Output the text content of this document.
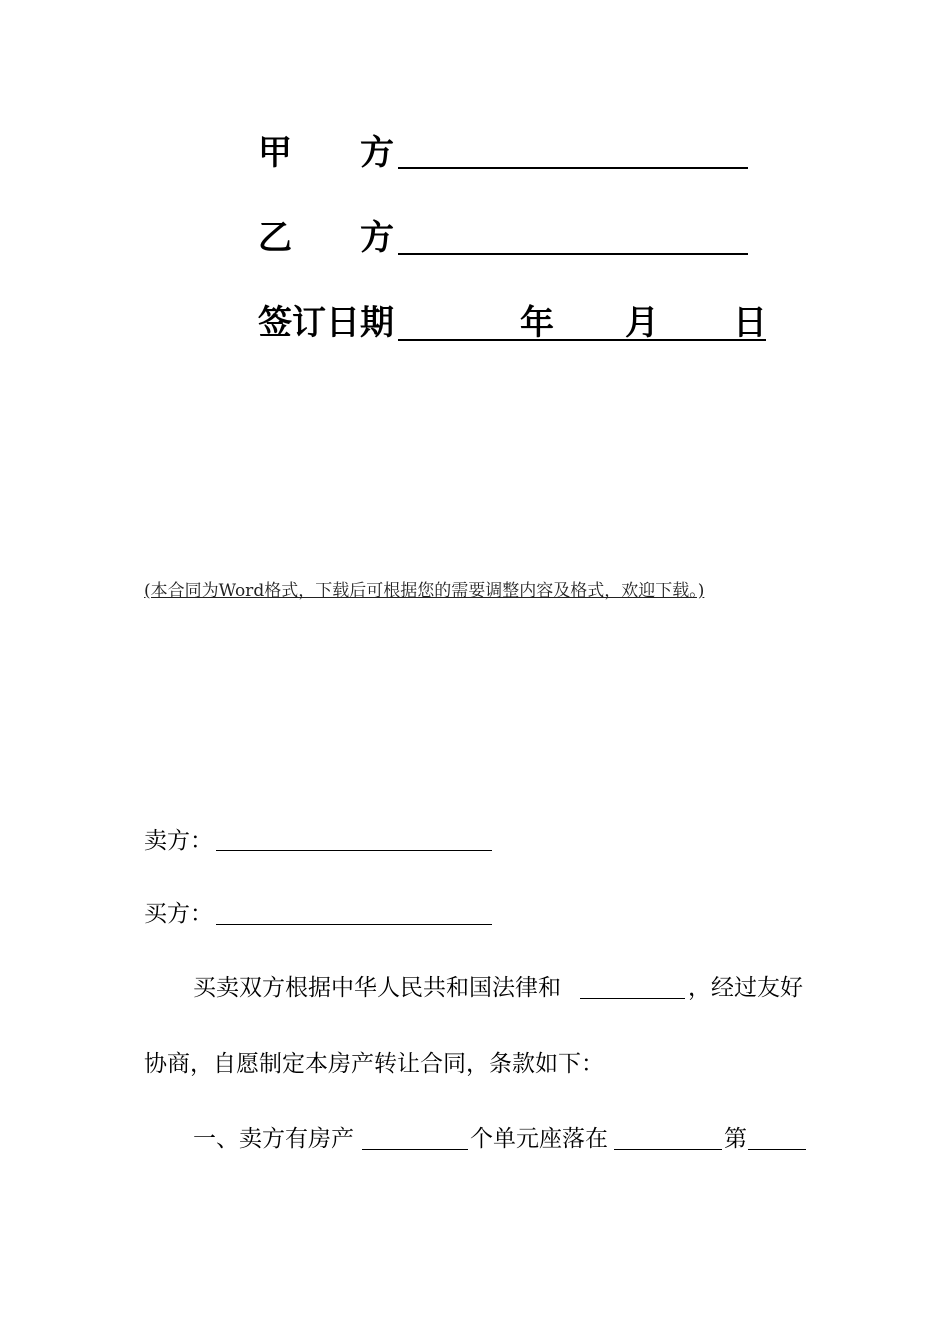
甲 方
乙 方
签订日期	年 月 日
(本合同为Word格式，下载后可根据您的需要调整内容及格式，欢迎下载。)
卖方：
买方：
买卖双方根据中华人民共和国法律和	，经过友好
协商，自愿制定本房产转让合同，条款如下：
一、卖方有房产	个单元座落在	第
